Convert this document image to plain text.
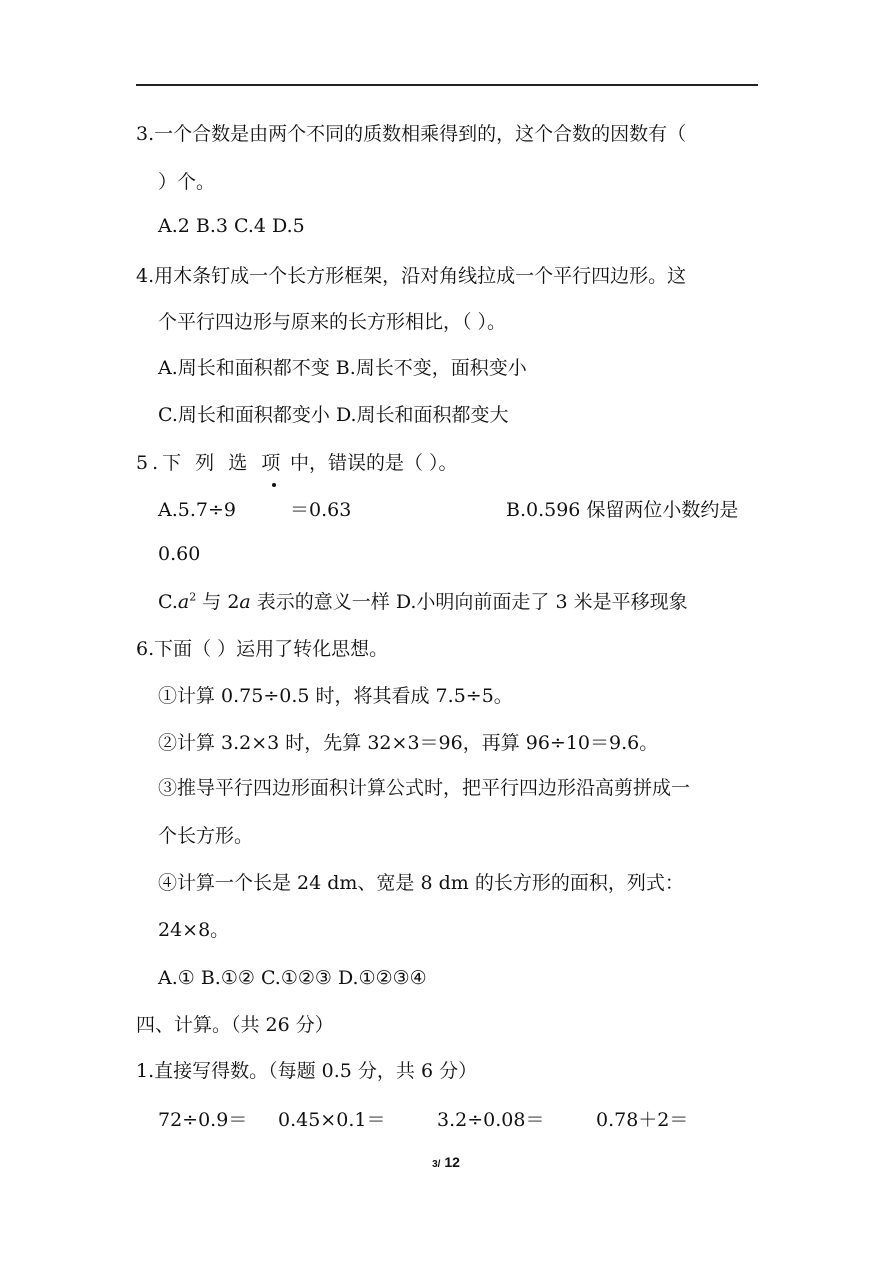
3.一个合数是由两个不同的质数相乘得到的，这个合数的因数有（
）个。
A.2 B.3 C.4 D.5
4.用木条钉成一个长方形框架，沿对角线拉成一个平行四边形。这
个平行四边形与原来的长方形相比，（ ）。
A.周长和面积都不变 B.周长不变，面积变小
C.周长和面积都变小 D.周长和面积都变大
5.下 列 选 项 中，错误的是（ ）。
A.5.7÷9	＝0.63	B.0.596 保留两位小数约是
0.60
$C.a^2$ 与 2a 表示的意义一样 D.小明向前面走了 3 米是平移现象
6.下面（ ）运用了转化思想。
①计算 0.75÷0.5 时，将其看成 7.5÷5。
②计算 3.2×3 时，先算 32×3＝96，再算 96÷10＝9.6。
③推导平行四边形面积计算公式时，把平行四边形沿高剪拼成一
个长方形。
④计算一个长是 24 dm、宽是 8 dm 的长方形的面积，列式：
24×8。
A.① B.①② C.①②③ D.①②③④
四、计算。（共 26 分）
1.直接写得数。（每题 0.5 分，共 6 分）
72÷0.9＝ 0.45×0.1＝	3.2÷0.08＝	0.78＋2＝
3/ 12
